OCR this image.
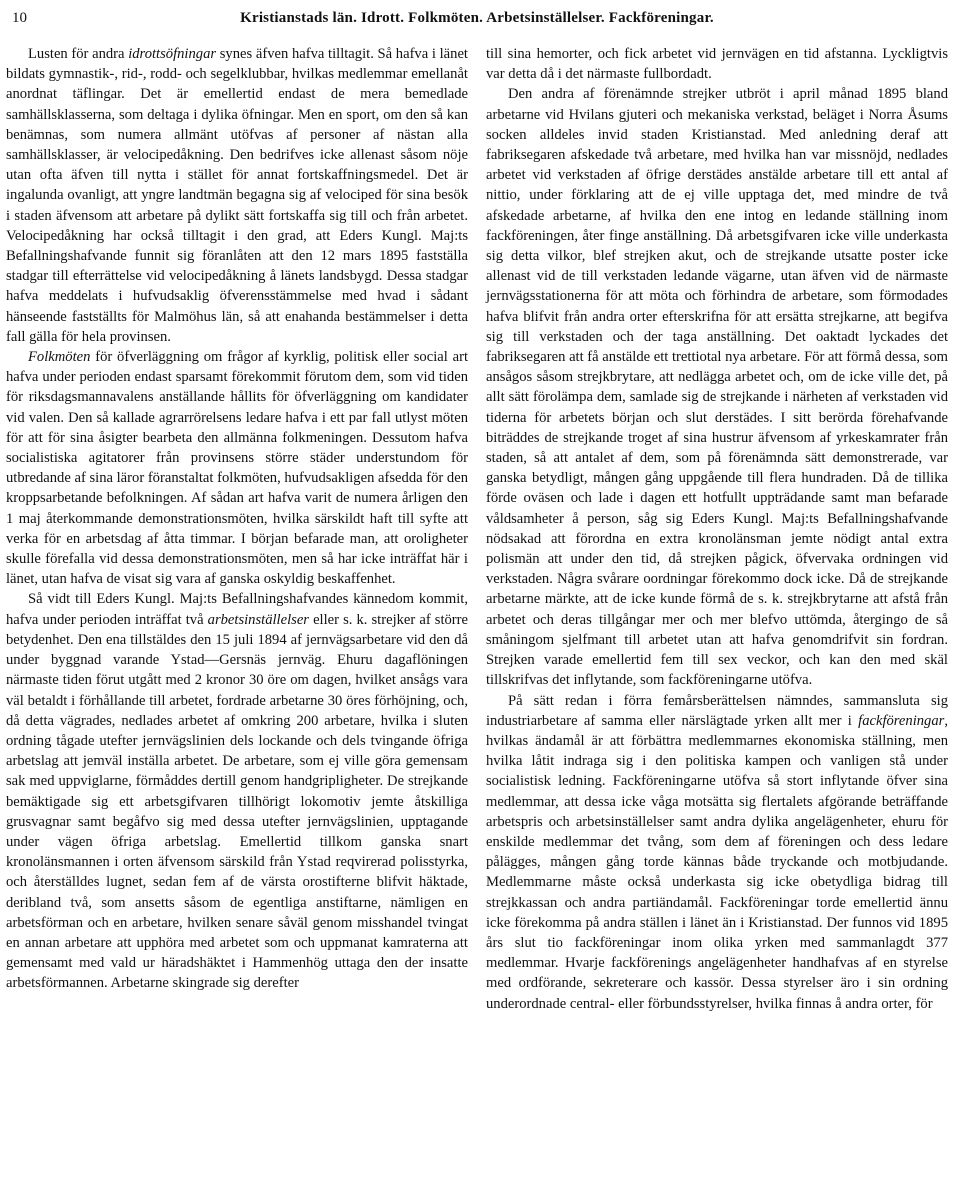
10	Kristianstads län. Idrott. Folkmöten. Arbetsinställelser. Fackföreningar.

Lusten för andra idrottsöfningar synes äfven hafva tilltagit. Så hafva i länet bildats gymnastik-, rid-, rodd- och segelklubbar, hvilkas medlemmar emellanåt anordnat täflingar. Det är emellertid endast de mera bemedlade samhällsklasserna, som deltaga i dylika öfningar. Men en sport, om den så kan benämnas, som numera allmänt utöfvas af personer af nästan alla samhällsklasser, är velocipedåkning. Den bedrifves icke allenast såsom nöje utan ofta äfven till nytta i stället för annat fortskaffningsmedel. Det är ingalunda ovanligt, att yngre landtmän begagna sig af velociped för sina besök i staden äfvensom att arbetare på dylikt sätt fortskaffa sig till och från arbetet. Velocipedåkning har också tilltagit i den grad, att Eders Kungl. Maj:ts Befallningshafvande funnit sig föranlåten att den 12 mars 1895 fastställa stadgar till efterrättelse vid velocipedåkning å länets landsbygd. Dessa stadgar hafva meddelats i hufvudsaklig öfverensstämmelse med hvad i sådant hänseende fastställts för Malmöhus län, så att enahanda bestämmelser i detta fall gälla för hela provinsen.

Folkmöten för öfverläggning om frågor af kyrklig, politisk eller social art hafva under perioden endast sparsamt förekommit förutom dem, som vid tiden för riksdagsmannavalens anställande hållits för öfverläggning om kandidater vid valen. Den så kallade agrarrörelsens ledare hafva i ett par fall utlyst möten för att för sina åsigter bearbeta den allmänna folkmeningen. Dessutom hafva socialistiska agitatorer från provinsens större städer understundom för utbredande af sina läror föranstaltat folkmöten, hufvudsakligen afsedda för den kroppsarbetande befolkningen. Af sådan art hafva varit de numera årligen den 1 maj återkommande demonstrationsmöten, hvilka särskildt haft till syfte att verka för en arbetsdag af åtta timmar. I början befarade man, att oroligheter skulle förefalla vid dessa demonstrationsmöten, men så har icke inträffat här i länet, utan hafva de visat sig vara af ganska oskyldig beskaffenhet.

Så vidt till Eders Kungl. Maj:ts Befallningshafvandes kännedom kommit, hafva under perioden inträffat två arbetsinställelser eller s. k. strejker af större betydenhet. Den ena tillstäldes den 15 juli 1894 af jernvägsarbetare vid den då under byggnad varande Ystad—Gersnäs jernväg. Ehuru dagaflöningen närmaste tiden förut utgått med 2 kronor 30 öre om dagen, hvilket ansågs vara väl betaldt i förhållande till arbetet, fordrade arbetarne 30 öres förhöjning, och, då detta vägrades, nedlades arbetet af omkring 200 arbetare, hvilka i sluten ordning tågade utefter jernvägslinien dels lockande och dels tvingande öfriga arbetslag att jemväl inställa arbetet. De arbetare, som ej ville göra gemensam sak med uppviglarne, förmåddes dertill genom handgripligheter. De strejkande bemäktigade sig ett arbetsgifvaren tillhörigt lokomotiv jemte åtskilliga grusvagnar samt begåfvo sig med dessa utefter jernvägslinien, upptagande under vägen öfriga arbetslag. Emellertid tillkom ganska snart kronolänsmannen i orten äfvensom särskild från Ystad reqvirerad polisstyrka, och återställdes lugnet, sedan fem af de värsta orostifterne blifvit häktade, deribland två, som ansetts såsom de egentliga anstiftarne, nämligen en arbetsförman och en arbetare, hvilken senare såväl genom misshandel tvingat en annan arbetare att upphöra med arbetet som och uppmanat kamraterna att gemensamt med vald ur häradshäktet i Hammenhög uttaga den der insatte arbetsförmannen. Arbetarne skingrade sig derefter

till sina hemorter, och fick arbetet vid jernvägen en tid afstanna. Lyckligtvis var detta då i det närmaste fullbordadt.

Den andra af förenämnde strejker utbröt i april månad 1895 bland arbetarne vid Hvilans gjuteri och mekaniska verkstad, beläget i Norra Åsums socken alldeles invid staden Kristianstad. Med anledning deraf att fabriksegaren afskedade två arbetare, med hvilka han var missnöjd, nedlades arbetet vid verkstaden af öfrige derstädes anstälde arbetare till ett antal af nittio, under förklaring att de ej ville upptaga det, med mindre de två afskedade arbetarne, af hvilka den ene intog en ledande ställning inom fackföreningen, åter finge anställning. Då arbetsgifvaren icke ville underkasta sig detta vilkor, blef strejken akut, och de strejkande utsatte poster icke allenast vid de till verkstaden ledande vägarne, utan äfven vid de närmaste jernvägsstationerna för att möta och förhindra de arbetare, som förmodades hafva blifvit från andra orter efterskrifna för att ersätta strejkarne, att begifva sig till verkstaden och der taga anställning. Det oaktadt lyckades det fabriksegaren att få anstälde ett trettiotal nya arbetare. För att förmå dessa, som ansågos såsom strejkbrytare, att nedlägga arbetet och, om de icke ville det, på allt sätt förolämpa dem, samlade sig de strejkande i närheten af verkstaden vid tiderna för arbetets början och slut derstädes. I sitt berörda förehafvande biträddes de strejkande troget af sina hustrur äfvensom af yrkeskamrater från staden, så att antalet af dem, som på förenämnda sätt demonstrerade, var ganska betydligt, mången gång uppgående till flera hundraden. Då de tillika förde oväsen och lade i dagen ett hotfullt uppträdande samt man befarade våldsamheter å person, såg sig Eders Kungl. Maj:ts Befallningshafvande nödsakad att förordna en extra kronolänsman jemte nödigt antal extra polismän att under den tid, då strejken pågick, öfvervaka ordningen vid verkstaden. Några svårare oordningar förekommo dock icke. Då de strejkande arbetarne märkte, att de icke kunde förmå de s. k. strejkbrytarne att afstå från arbetet och deras tillgångar mer och mer blefvo uttömda, återgingo de så småningom sjelfmant till arbetet utan att hafva genomdrifvit sin fordran. Strejken varade emellertid fem till sex veckor, och kan den med skäl tillskrifvas det inflytande, som fackföreningarne utöfva.

På sätt redan i förra femårsberättelsen nämndes, sammansluta sig industriarbetare af samma eller närslägtade yrken allt mer i fackföreningar, hvilkas ändamål är att förbättra medlemmarnes ekonomiska ställning, men hvilka låtit indraga sig i den politiska kampen och vanligen stå under socialistisk ledning. Fackföreningarne utöfva så stort inflytande öfver sina medlemmar, att dessa icke våga motsätta sig flertalets afgörande beträffande arbetspris och arbetsinställelser samt andra dylika angelägenheter, ehuru för enskilde medlemmar det tvång, som dem af föreningen och dess ledare pålägges, mången gång torde kännas både tryckande och motbjudande. Medlemmarne måste också underkasta sig icke obetydliga bidrag till strejkkassan och andra partiändamål. Fackföreningar torde emellertid ännu icke förekomma på andra ställen i länet än i Kristianstad. Der funnos vid 1895 års slut tio fackföreningar inom olika yrken med sammanlagdt 377 medlemmar. Hvarje fackförenings angelägenheter handhafvas af en styrelse med ordförande, sekreterare och kassör. Dessa styrelser äro i sin ordning underordnade central- eller förbundsstyrelser, hvilka finnas å andra orter, för
